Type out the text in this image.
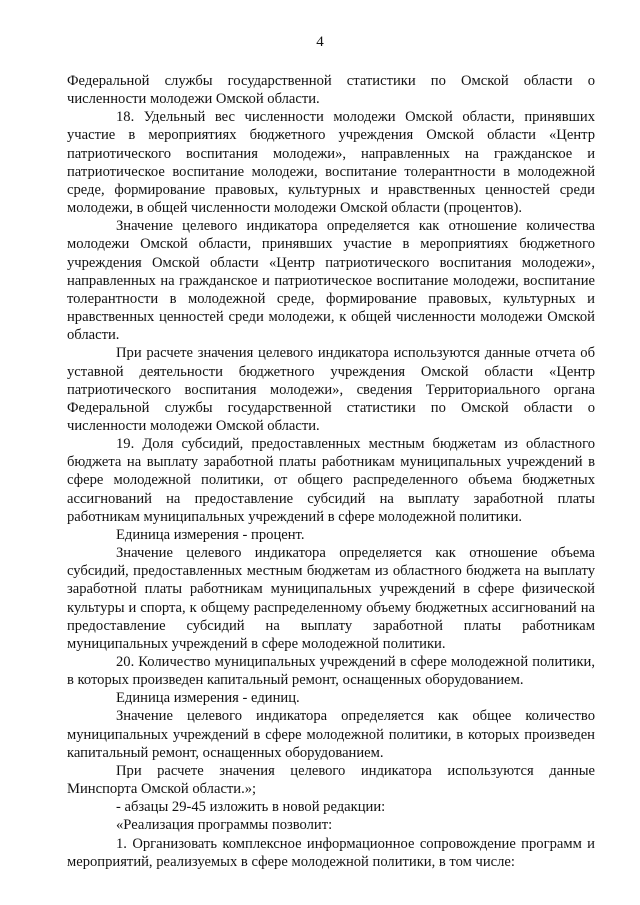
4

Федеральной службы государственной статистики по Омской области о численности молодежи Омской области.

18. Удельный вес численности молодежи Омской области, принявших участие в мероприятиях бюджетного учреждения Омской области «Центр патриотического воспитания молодежи», направленных на гражданское и патриотическое воспитание молодежи, воспитание толерантности в молодежной среде, формирование правовых, культурных и нравственных ценностей среди молодежи, в общей численности молодежи Омской области (процентов).

Значение целевого индикатора определяется как отношение количества молодежи Омской области, принявших участие в мероприятиях бюджетного учреждения Омской области «Центр патриотического воспитания молодежи», направленных на гражданское и патриотическое воспитание молодежи, воспитание толерантности в молодежной среде, формирование правовых, культурных и нравственных ценностей среди молодежи, к общей численности молодежи Омской области.

При расчете значения целевого индикатора используются данные отчета об уставной деятельности бюджетного учреждения Омской области «Центр патриотического воспитания молодежи», сведения Территориального органа Федеральной службы государственной статистики по Омской области о численности молодежи Омской области.

19. Доля субсидий, предоставленных местным бюджетам из областного бюджета на выплату заработной платы работникам муниципальных учреждений в сфере молодежной политики, от общего распределенного объема бюджетных ассигнований на предоставление субсидий на выплату заработной платы работникам муниципальных учреждений в сфере молодежной политики.

Единица измерения - процент.

Значение целевого индикатора определяется как отношение объема субсидий, предоставленных местным бюджетам из областного бюджета на выплату заработной платы работникам муниципальных учреждений в сфере физической культуры и спорта, к общему распределенному объему бюджетных ассигнований на предоставление субсидий на выплату заработной платы работникам муниципальных учреждений в сфере молодежной политики.

20. Количество муниципальных учреждений в сфере молодежной политики, в которых произведен капитальный ремонт, оснащенных оборудованием.

Единица измерения - единиц.

Значение целевого индикатора определяется как общее количество муниципальных учреждений в сфере молодежной политики, в которых произведен капитальный ремонт, оснащенных оборудованием.

При расчете значения целевого индикатора используются данные Минспорта Омской области.»;

- абзацы 29-45 изложить в новой редакции:

«Реализация программы позволит:

1. Организовать комплексное информационное сопровождение программ и мероприятий, реализуемых в сфере молодежной политики, в том числе:
